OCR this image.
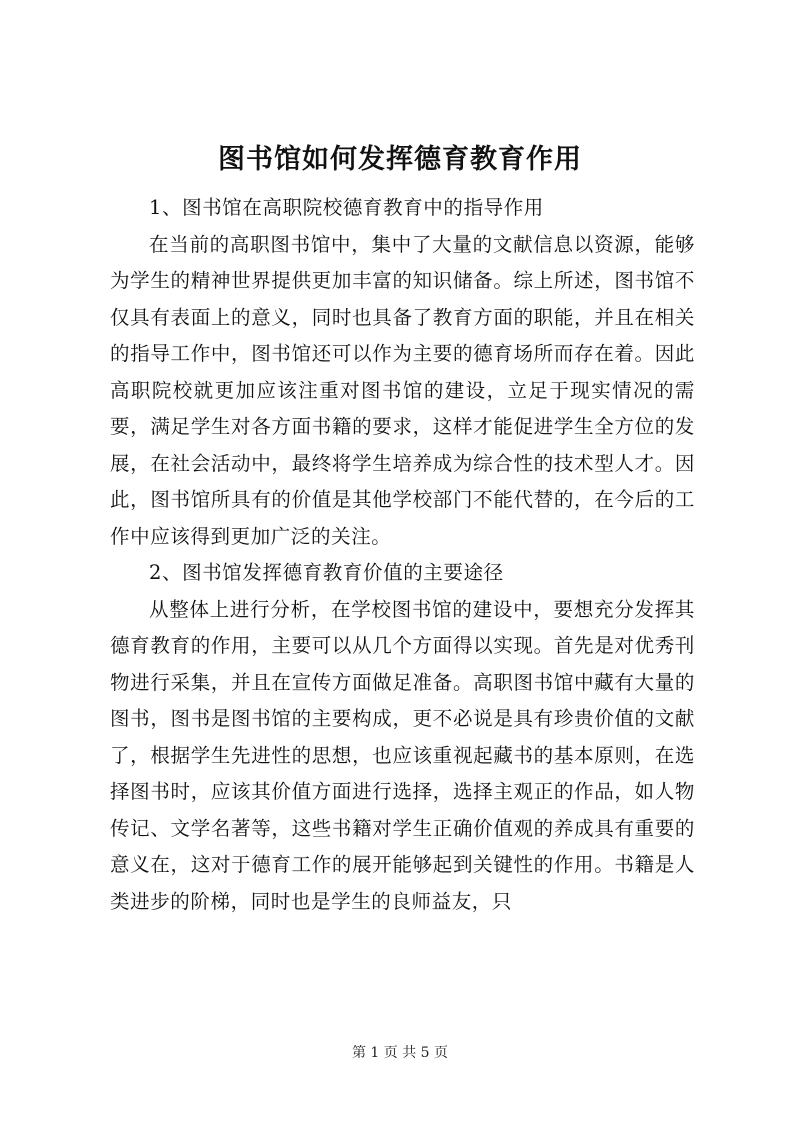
图书馆如何发挥德育教育作用

1、图书馆在高职院校德育教育中的指导作用

在当前的高职图书馆中，集中了大量的文献信息以资源，能够为学生的精神世界提供更加丰富的知识储备。综上所述，图书馆不仅具有表面上的意义，同时也具备了教育方面的职能，并且在相关的指导工作中，图书馆还可以作为主要的德育场所而存在着。因此高职院校就更加应该注重对图书馆的建设，立足于现实情况的需要，满足学生对各方面书籍的要求，这样才能促进学生全方位的发展，在社会活动中，最终将学生培养成为综合性的技术型人才。因此，图书馆所具有的价值是其他学校部门不能代替的，在今后的工作中应该得到更加广泛的关注。

2、图书馆发挥德育教育价值的主要途径

从整体上进行分析，在学校图书馆的建设中，要想充分发挥其德育教育的作用，主要可以从几个方面得以实现。首先是对优秀刊物进行采集，并且在宣传方面做足准备。高职图书馆中藏有大量的图书，图书是图书馆的主要构成，更不必说是具有珍贵价值的文献了，根据学生先进性的思想，也应该重视起藏书的基本原则，在选择图书时，应该其价值方面进行选择，选择主观正的作品，如人物传记、文学名著等，这些书籍对学生正确价值观的养成具有重要的意义在，这对于德育工作的展开能够起到关键性的作用。书籍是人类进步的阶梯，同时也是学生的良师益友，只

第 1 页 共 5 页
